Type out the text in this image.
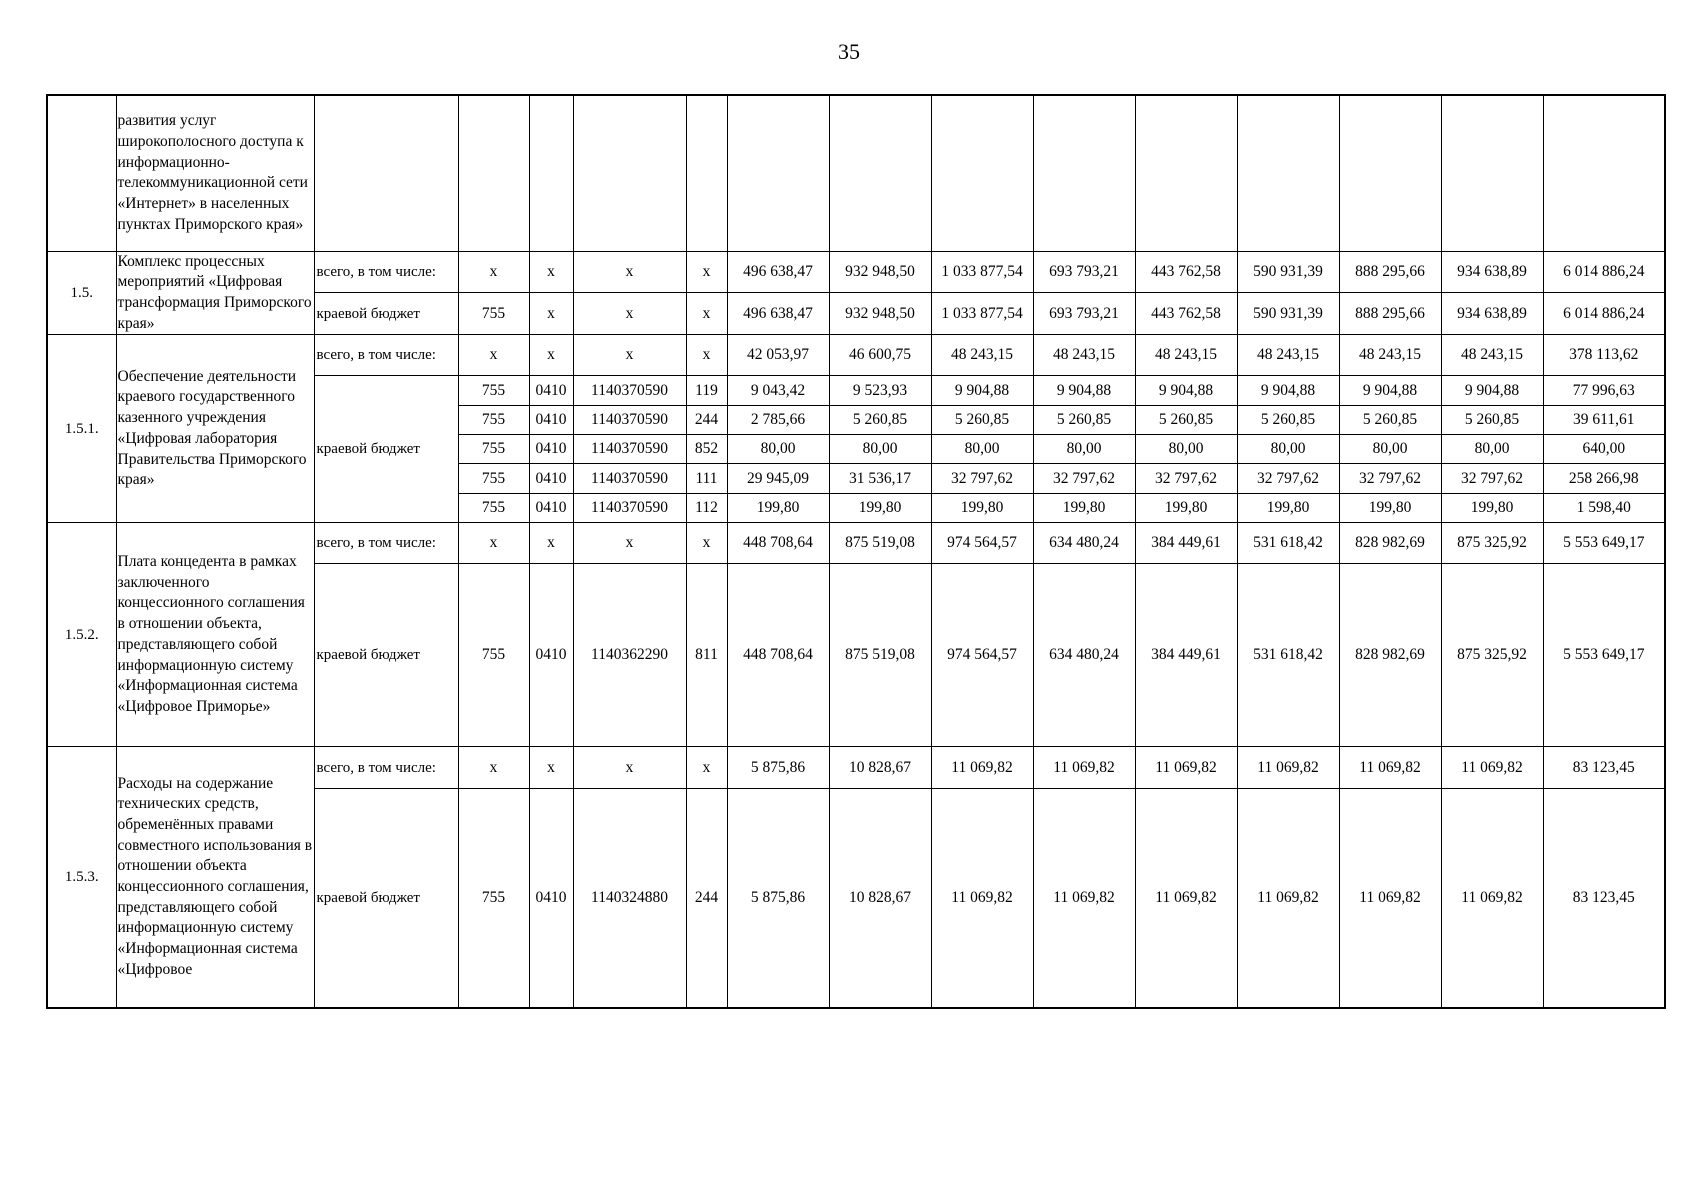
35
	развития услуг широкополосного доступа к информационно-телекоммуникационной сети «Интернет» в населенных пунктах Приморского края»														
1.5.	Комплекс процессных мероприятий «Цифровая трансформация Приморского края»	всего, в том числе:	x	x	x	x	496 638,47	932 948,50	1 033 877,54	693 793,21	443 762,58	590 931,39	888 295,66	934 638,89	6 014 886,24
		краевой бюджет	755	x	x	x	496 638,47	932 948,50	1 033 877,54	693 793,21	443 762,58	590 931,39	888 295,66	934 638,89	6 014 886,24
1.5.1.	Обеспечение деятельности краевого государственного казенного учреждения «Цифровая лаборатория Правительства Приморского края»	всего, в том числе:	x	x	x	x	42 053,97	46 600,75	48 243,15	48 243,15	48 243,15	48 243,15	48 243,15	48 243,15	378 113,62
		краевой бюджет	755	0410	1140370590	119	9 043,42	9 523,93	9 904,88	9 904,88	9 904,88	9 904,88	9 904,88	9 904,88	77 996,63
			755	0410	1140370590	244	2 785,66	5 260,85	5 260,85	5 260,85	5 260,85	5 260,85	5 260,85	5 260,85	39 611,61
			755	0410	1140370590	852	80,00	80,00	80,00	80,00	80,00	80,00	80,00	80,00	640,00
			755	0410	1140370590	111	29 945,09	31 536,17	32 797,62	32 797,62	32 797,62	32 797,62	32 797,62	32 797,62	258 266,98
			755	0410	1140370590	112	199,80	199,80	199,80	199,80	199,80	199,80	199,80	199,80	1 598,40
1.5.2.	Плата концедента в рамках заключенного концессионного соглашения в отношении объекта, представляющего собой информационную систему «Информационная система «Цифровое Приморье»	всего, в том числе:	x	x	x	x	448 708,64	875 519,08	974 564,57	634 480,24	384 449,61	531 618,42	828 982,69	875 325,92	5 553 649,17
		краевой бюджет	755	0410	1140362290	811	448 708,64	875 519,08	974 564,57	634 480,24	384 449,61	531 618,42	828 982,69	875 325,92	5 553 649,17
1.5.3.	Расходы на содержание технических средств, обременённых правами совместного использования в отношении объекта концессионного соглашения, представляющего собой информационную систему «Информационная система «Цифровое	всего, в том числе:	x	x	x	x	5 875,86	10 828,67	11 069,82	11 069,82	11 069,82	11 069,82	11 069,82	11 069,82	83 123,45
		краевой бюджет	755	0410	1140324880	244	5 875,86	10 828,67	11 069,82	11 069,82	11 069,82	11 069,82	11 069,82	11 069,82	83 123,45
